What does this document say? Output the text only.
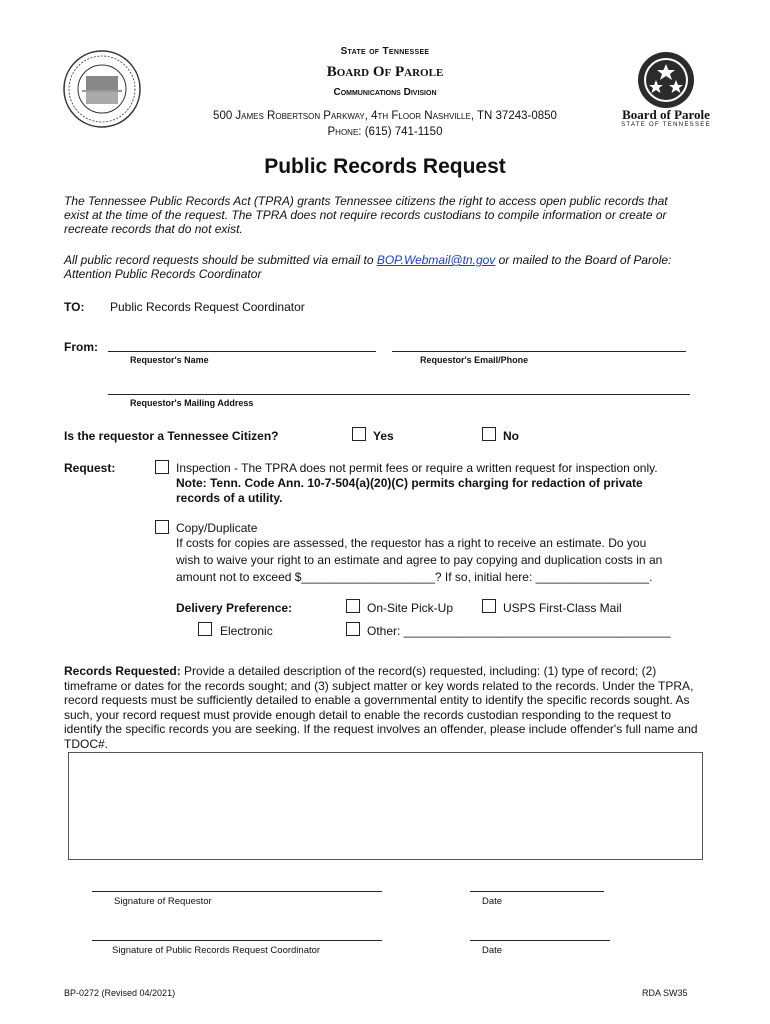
Board of Parole
STATE OF TENNESSEE
State of Tennessee
Board Of Parole
Communications Division
500 James Robertson Parkway, 4th Floor Nashville, TN 37243-0850
Phone: (615) 741-1150
Public Records Request
The Tennessee Public Records Act (TPRA) grants Tennessee citizens the right to access open public records that exist at the time of the request. The TPRA does not require records custodians to compile information or create or recreate records that do not exist.
All public record requests should be submitted via email to BOP.Webmail@tn.gov or mailed to the Board of Parole: Attention Public Records Coordinator
TO: Public Records Request Coordinator
From:
Requestor's Name	Requestor's Email/Phone
Requestor's Mailing Address
Is the requestor a Tennessee Citizen?	Yes	No
Request:	Inspection - The TPRA does not permit fees or require a written request for inspection only.
Note: Tenn. Code Ann. 10-7-504(a)(20)(C) permits charging for redaction of private records of a utility.
Copy/Duplicate
If costs for copies are assessed, the requestor has a right to receive an estimate. Do you
wish to waive your right to an estimate and agree to pay copying and duplication costs in an
amount not to exceed $____________________? If so, initial here: _________________.
Delivery Preference:	On-Site Pick-Up	USPS First-Class Mail
Electronic	Other: ________________________________________
Records Requested: Provide a detailed description of the record(s) requested, including: (1) type of record; (2) timeframe or dates for the records sought; and (3) subject matter or key words related to the records. Under the TPRA, record requests must be sufficiently detailed to enable a governmental entity to identify the specific records sought. As such, your record request must provide enough detail to enable the records custodian responding to the request to identify the specific records you are seeking. If the request involves an offender, please include offender's full name and TDOC#.
Signature of Requestor	Date
Signature of Public Records Request Coordinator	Date
BP-0272 (Revised 04/2021)	RDA SW35
